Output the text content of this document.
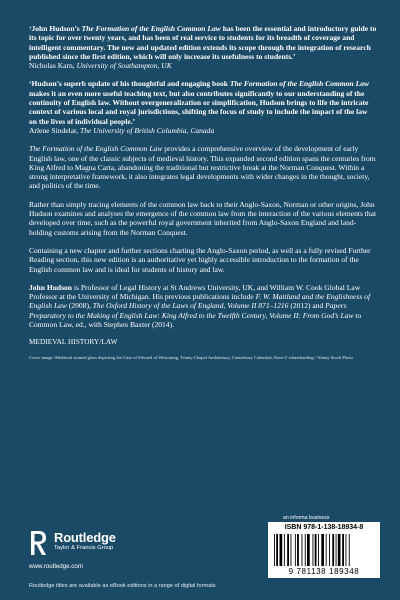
‘John Hudson’s The Formation of the English Common Law has been the essential and introductory guide to its topic for over twenty years, and has been of real service to students for its breadth of coverage and intelligent commentary. The new and updated edition extends its scope through the integration of research published since the first edition, which will only increase its usefulness to students.’
Nicholas Karn, University of Southampton, UK
‘Hudson’s superb update of his thoughtful and engaging book The Formation of the English Common Law makes it an even more useful teaching text, but also contributes significantly to our understanding of the continuity of English law. Without overgeneralization or simplification, Hudson brings to life the intricate context of various local and royal jurisdictions, shifting the focus of study to include the impact of the law on the lives of individual people.’
Arlene Sindelar, The University of British Columbia, Canada
The Formation of the English Common Law provides a comprehensive overview of the development of early English law, one of the classic subjects of medieval history. This expanded second edition spans the centuries from King Alfred to Magna Carta, abandoning the traditional but restrictive break at the Norman Conquest. Within a strong interpretative framework, it also integrates legal developments with wider changes in the thought, society, and politics of the time.
Rather than simply tracing elements of the common law back to their Anglo-Saxon, Norman or other origins, John Hudson examines and analyses the emergence of the common law from the interaction of the various elements that developed over time, such as the powerful royal government inherited from Anglo-Saxon England and land-holding customs arising from the Norman Conquest.
Containing a new chapter and further sections charting the Anglo-Saxon period, as well as a fully revised Further Reading section, this new edition is an authoritative yet highly accessible introduction to the formation of the English common law and is ideal for students of history and law.
John Hudson is Professor of Legal History at St Andrews University, UK, and William W. Cook Global Law Professor at the University of Michigan. His previous publications include F. W. Maitland and the Englishness of English Law (2008), The Oxford History of the Laws of England, Volume II 871–1216 (2012) and Papers Preparatory to the Making of English Law: King Alfred to the Twelfth Century, Volume II: From God’s Law to Common Law, ed., with Stephen Baxter (2014).
MEDIEVAL HISTORY/LAW
Cover image: Medieval stained glass depicting the Case of Edward of Westoning, Trinity Chapel Ambulatory, Canterbury Cathedral, Kent © robertharding / Alamy Stock Photo
Routledge
Taylor & Francis Group
www.routledge.com
Routledge titles are available as eBook editions in a range of digital formats
an informa business
ISBN 978-1-138-18934-8
9 781138 189348
